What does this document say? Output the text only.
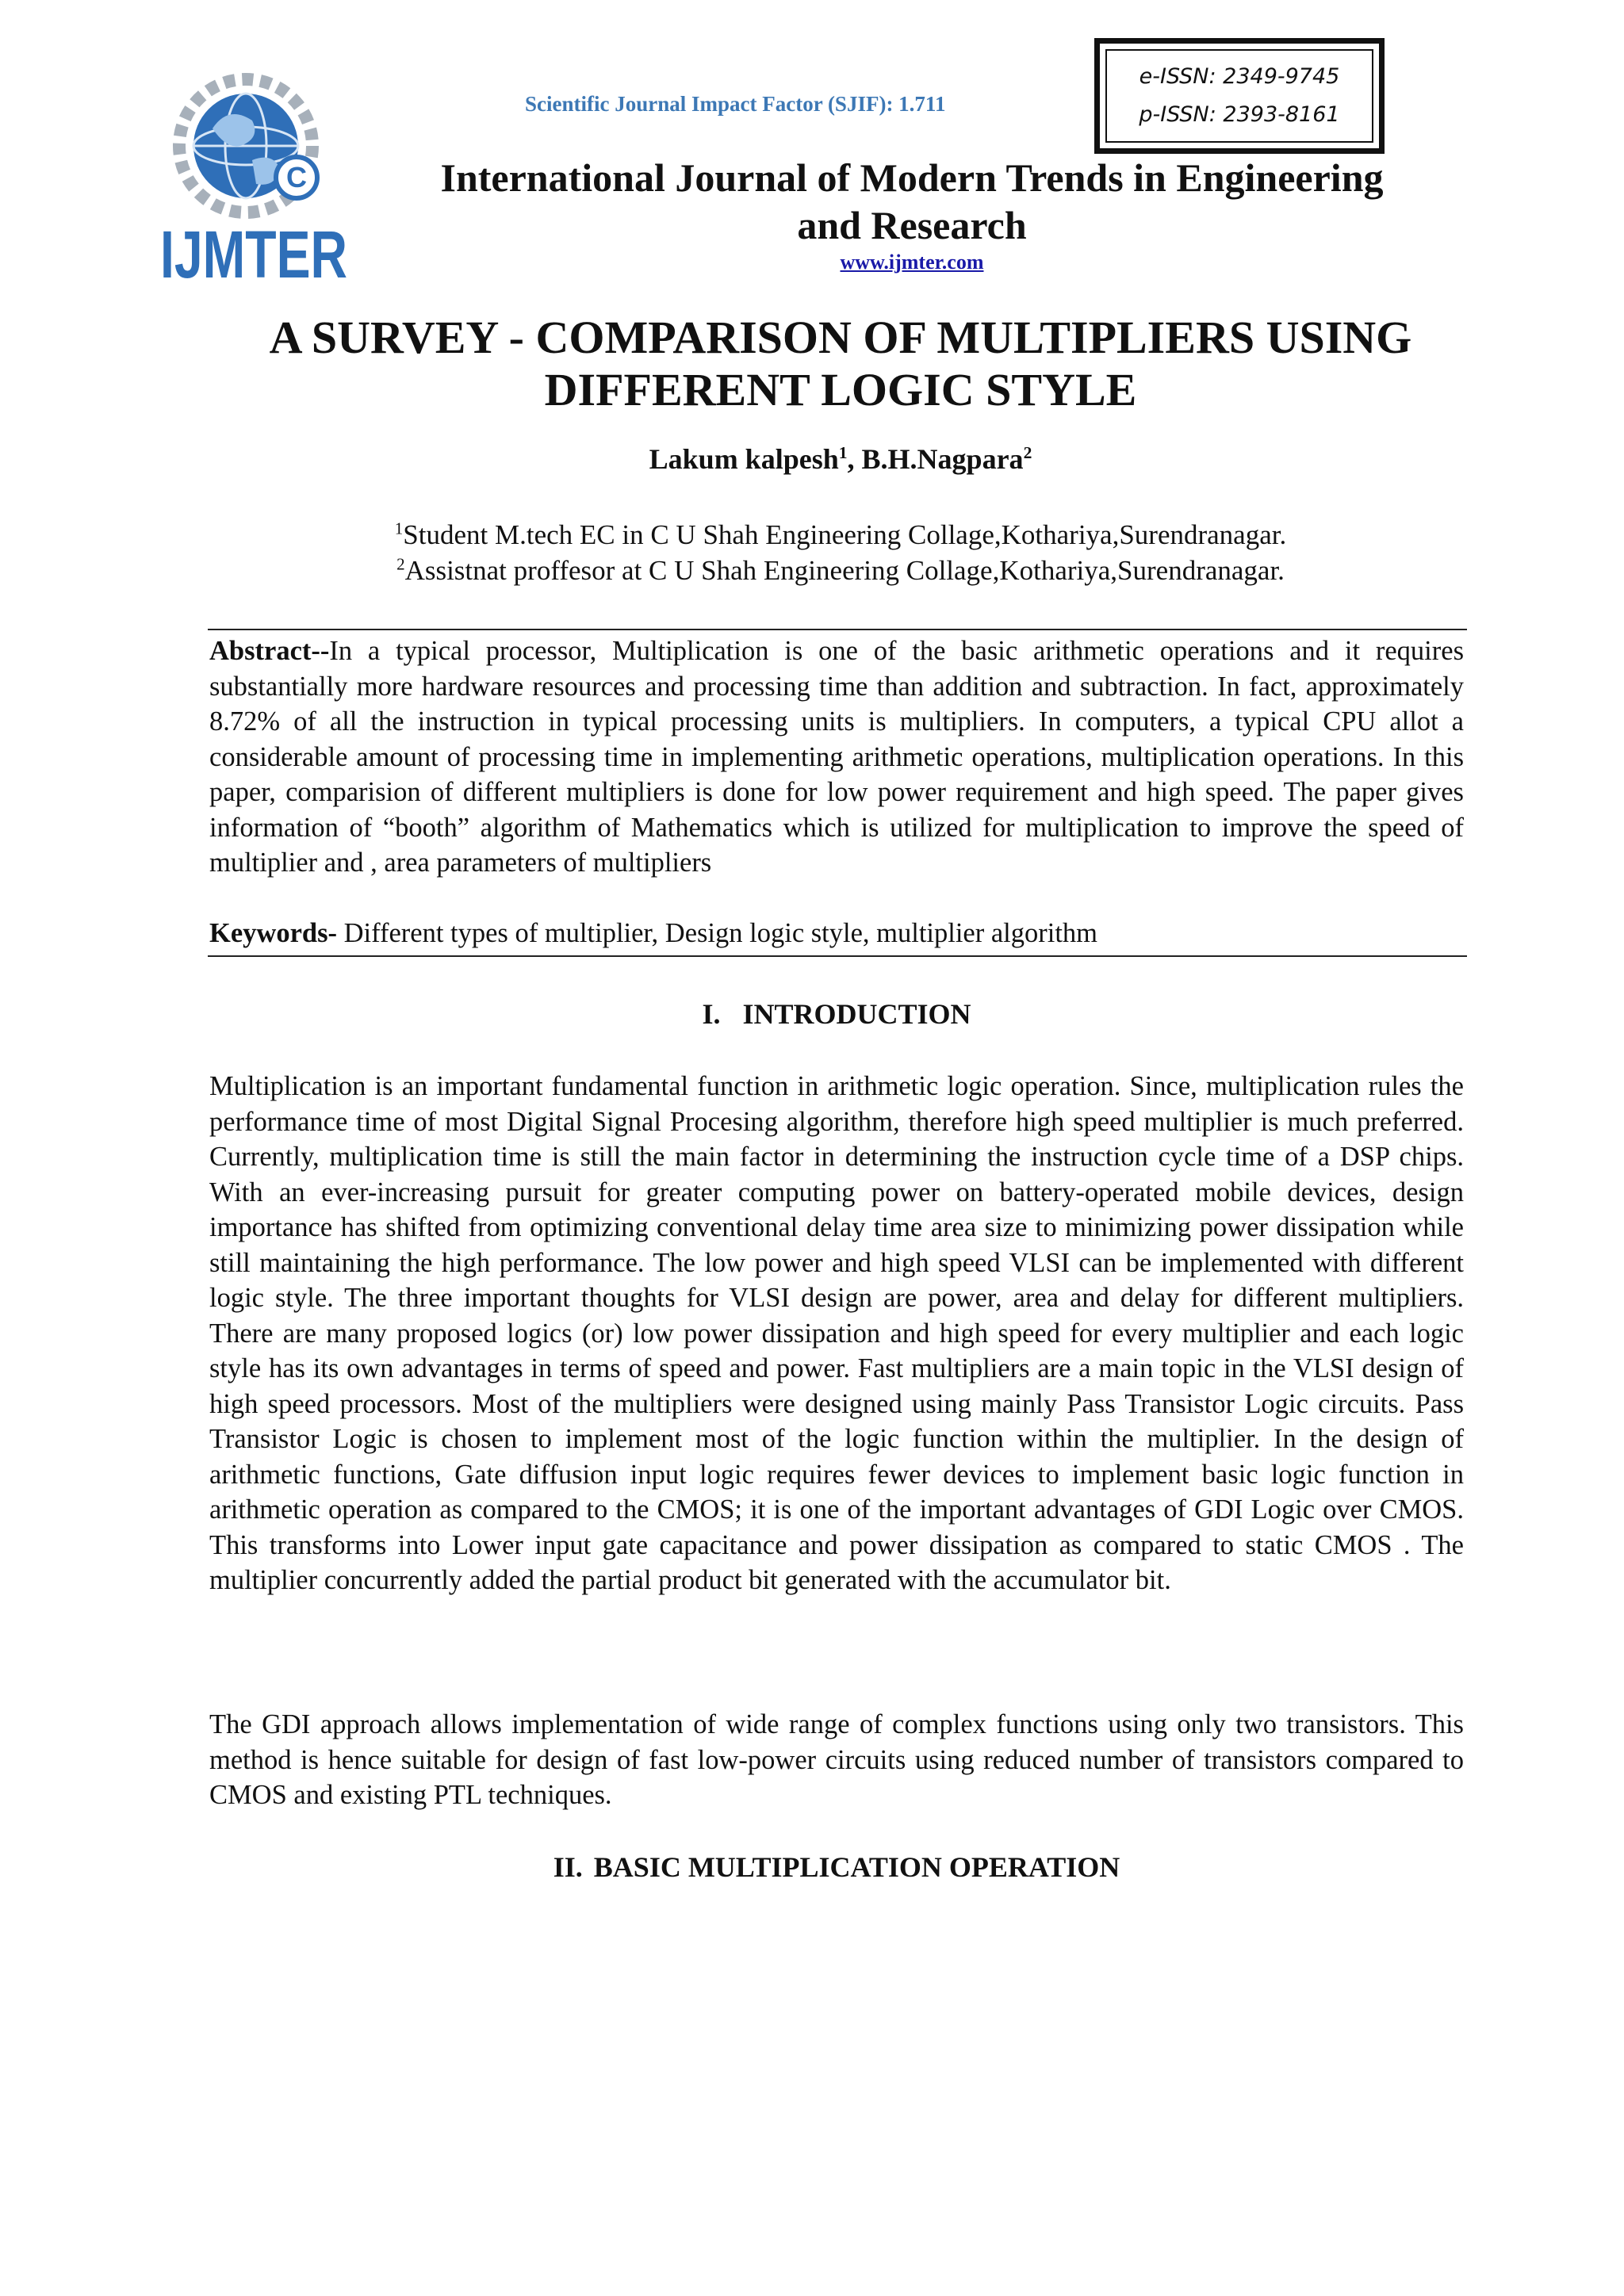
C
IJMTER
Scientific Journal Impact Factor (SJIF): 1.711
e-ISSN: 2349-9745
p-ISSN: 2393-8161
International Journal of Modern Trends in Engineering
and Research
www.ijmter.com
A SURVEY - COMPARISON OF MULTIPLIERS USING
DIFFERENT LOGIC STYLE
Lakum kalpesh$^1$, B.H.Nagpara$^2$
$^1$Student M.tech EC in C U Shah Engineering Collage,Kothariya,Surendranagar.
$^2$Assistnat proffesor at C U Shah Engineering Collage,Kothariya,Surendranagar.
Abstract--In a typical processor, Multiplication is one of the basic arithmetic operations and it requires substantially more hardware resources and processing time than addition and subtraction. In fact, approximately 8.72% of all the instruction in typical processing units is multipliers. In computers, a typical CPU allot a considerable amount of processing time in implementing arithmetic operations, multiplication operations. In this paper, comparision of different multipliers is done for low power requirement and high speed. The paper gives information of “booth” algorithm of Mathematics which is utilized for multiplication to improve the speed of multiplier and , area parameters of multipliers
Keywords- Different types of multiplier, Design logic style, multiplier algorithm
I. INTRODUCTION
Multiplication is an important fundamental function in arithmetic logic operation. Since, multiplication rules the performance time of most Digital Signal Procesing algorithm, therefore high speed multiplier is much preferred. Currently, multiplication time is still the main factor in determining the instruction cycle time of a DSP chips. With an ever-increasing pursuit for greater computing power on battery-operated mobile devices, design importance has shifted from optimizing conventional delay time area size to minimizing power dissipation while still maintaining the high performance. The low power and high speed VLSI can be implemented with different logic style. The three important thoughts for VLSI design are power, area and delay for different multipliers. There are many proposed logics (or) low power dissipation and high speed for every multiplier and each logic style has its own advantages in terms of speed and power. Fast multipliers are a main topic in the VLSI design of high speed processors. Most of the multipliers were designed using mainly Pass Transistor Logic circuits. Pass Transistor Logic is chosen to implement most of the logic function within the multiplier. In the design of arithmetic functions, Gate diffusion input logic requires fewer devices to implement basic logic function in arithmetic operation as compared to the CMOS; it is one of the important advantages of GDI Logic over CMOS. This transforms into Lower input gate capacitance and power dissipation as compared to static CMOS . The multiplier concurrently added the partial product bit generated with the accumulator bit.
The GDI approach allows implementation of wide range of complex functions using only two transistors. This method is hence suitable for design of fast low-power circuits using reduced number of transistors compared to CMOS and existing PTL techniques.
II. BASIC MULTIPLICATION OPERATION
